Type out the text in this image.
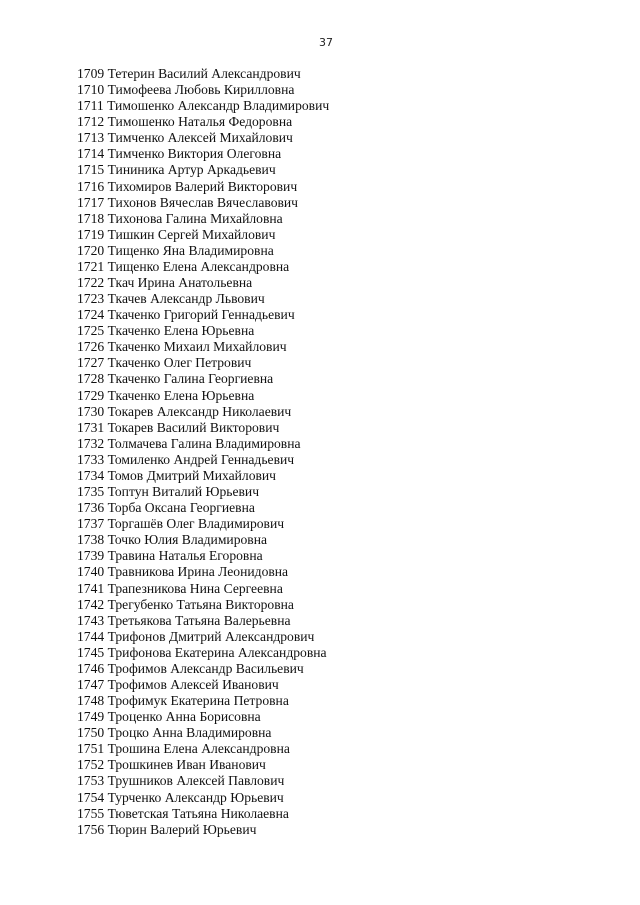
37
1709 Тетерин Василий Александрович
1710 Тимофеева Любовь Кирилловна
1711 Тимошенко Александр Владимирович
1712 Тимошенко Наталья Федоровна
1713 Тимченко Алексей Михайлович
1714 Тимченко Виктория Олеговна
1715 Тининика Артур Аркадьевич
1716 Тихомиров Валерий Викторович
1717 Тихонов Вячеслав Вячеславович
1718 Тихонова Галина Михайловна
1719 Тишкин Сергей Михайлович
1720 Тищенко Яна Владимировна
1721 Тищенко Елена Александровна
1722 Ткач Ирина Анатольевна
1723 Ткачев Александр Львович
1724 Ткаченко Григорий Геннадьевич
1725 Ткаченко Елена Юрьевна
1726 Ткаченко Михаил Михайлович
1727 Ткаченко Олег Петрович
1728 Ткаченко Галина Георгиевна
1729 Ткаченко Елена Юрьевна
1730 Токарев Александр Николаевич
1731 Токарев Василий Викторович
1732 Толмачева Галина Владимировна
1733 Томиленко Андрей Геннадьевич
1734 Томов Дмитрий Михайлович
1735 Топтун Виталий Юрьевич
1736 Торба Оксана Георгиевна
1737 Торгашёв Олег Владимирович
1738 Точко Юлия Владимировна
1739 Травина Наталья Егоровна
1740 Травникова Ирина Леонидовна
1741 Трапезникова Нина Сергеевна
1742 Трегубенко Татьяна Викторовна
1743 Третьякова Татьяна Валерьевна
1744 Трифонов Дмитрий Александрович
1745 Трифонова Екатерина Александровна
1746 Трофимов Александр Васильевич
1747 Трофимов Алексей Иванович
1748 Трофимук Екатерина Петровна
1749 Троценко Анна Борисовна
1750 Троцко Анна Владимировна
1751 Трошина Елена Александровна
1752 Трошкинев Иван Иванович
1753 Трушников Алексей Павлович
1754 Турченко Александр Юрьевич
1755 Тюветская Татьяна Николаевна
1756 Тюрин Валерий Юрьевич
